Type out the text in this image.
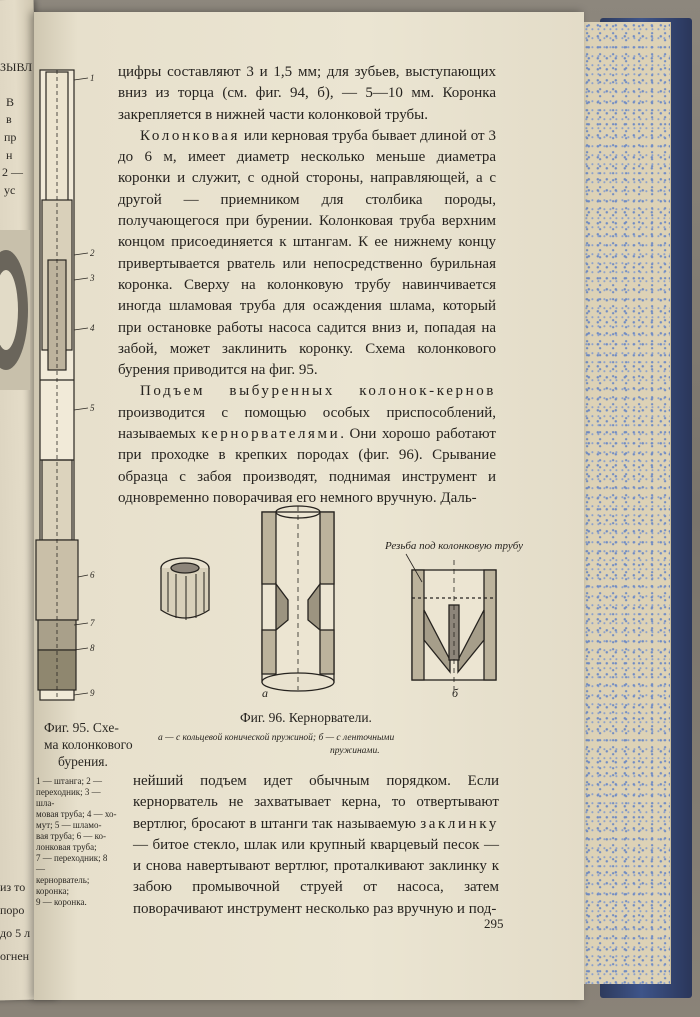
ЗЫВЛ
В
в
пр
н
2 —
ус
1
2
3
4
5
6
7
8
9
Фиг. 95. Схе-
ма колонкового
бурения.
1 — штанга; 2 —
переходник; 3 — шла-
мовая труба; 4 — хо-
мут; 5 — шламо-
вая труба; 6 — ко-
лонковая труба;
7 — переходник; 8 —
кернорватель;
коронка;
9 — коронка.
из то
поро
до 5 л
огнен

цифры составляют 3 и 1,5 мм; для зубьев, выступающих вниз из торца (см. фиг. 94, б), — 5—10 мм. Коронка закрепляется в нижней части колонковой трубы.

Колонковая или керновая труба бывает длиной от 3 до 6 м, имеет диаметр несколько меньше диаметра коронки и служит, с одной стороны, направляющей, а с другой — приемником для столбика породы, получающегося при бурении. Колонковая труба верхним концом присоединяется к штангам. К ее нижнему концу привертывается рватель или непосредственно бурильная коронка. Сверху на колонковую трубу навинчивается иногда шламовая труба для осаждения шлама, который при остановке работы насоса садится вниз и, попадая на забой, может заклинить коронку. Схема колонкового бурения приводится на фиг. 95.

Подъем выбуренных колонок-кернов производится с помощью особых приспособлений, называемых кернорвателями. Они хорошо работают при проходке в крепких породах (фиг. 96). Срывание образца с забоя производят, поднимая инструмент и одновременно поворачивая его немного вручную. Даль-

а	б
Резьба под колонковую трубу
Фиг. 96. Кернорватели.
а — с кольцевой конической пружиной; б — с ленточными
пружинами.
нейший подъем идет обычным порядком. Если кернорватель не захватывает керна, то отвертывают вертлюг, бросают в штанги так называемую заклинку — битое стекло, шлак или крупный кварцевый песок — и снова навертывают вертлюг, проталкивают заклинку к забою промывочной струей от насоса, затем поворачивают инструмент несколько раз вручную и под-
295
